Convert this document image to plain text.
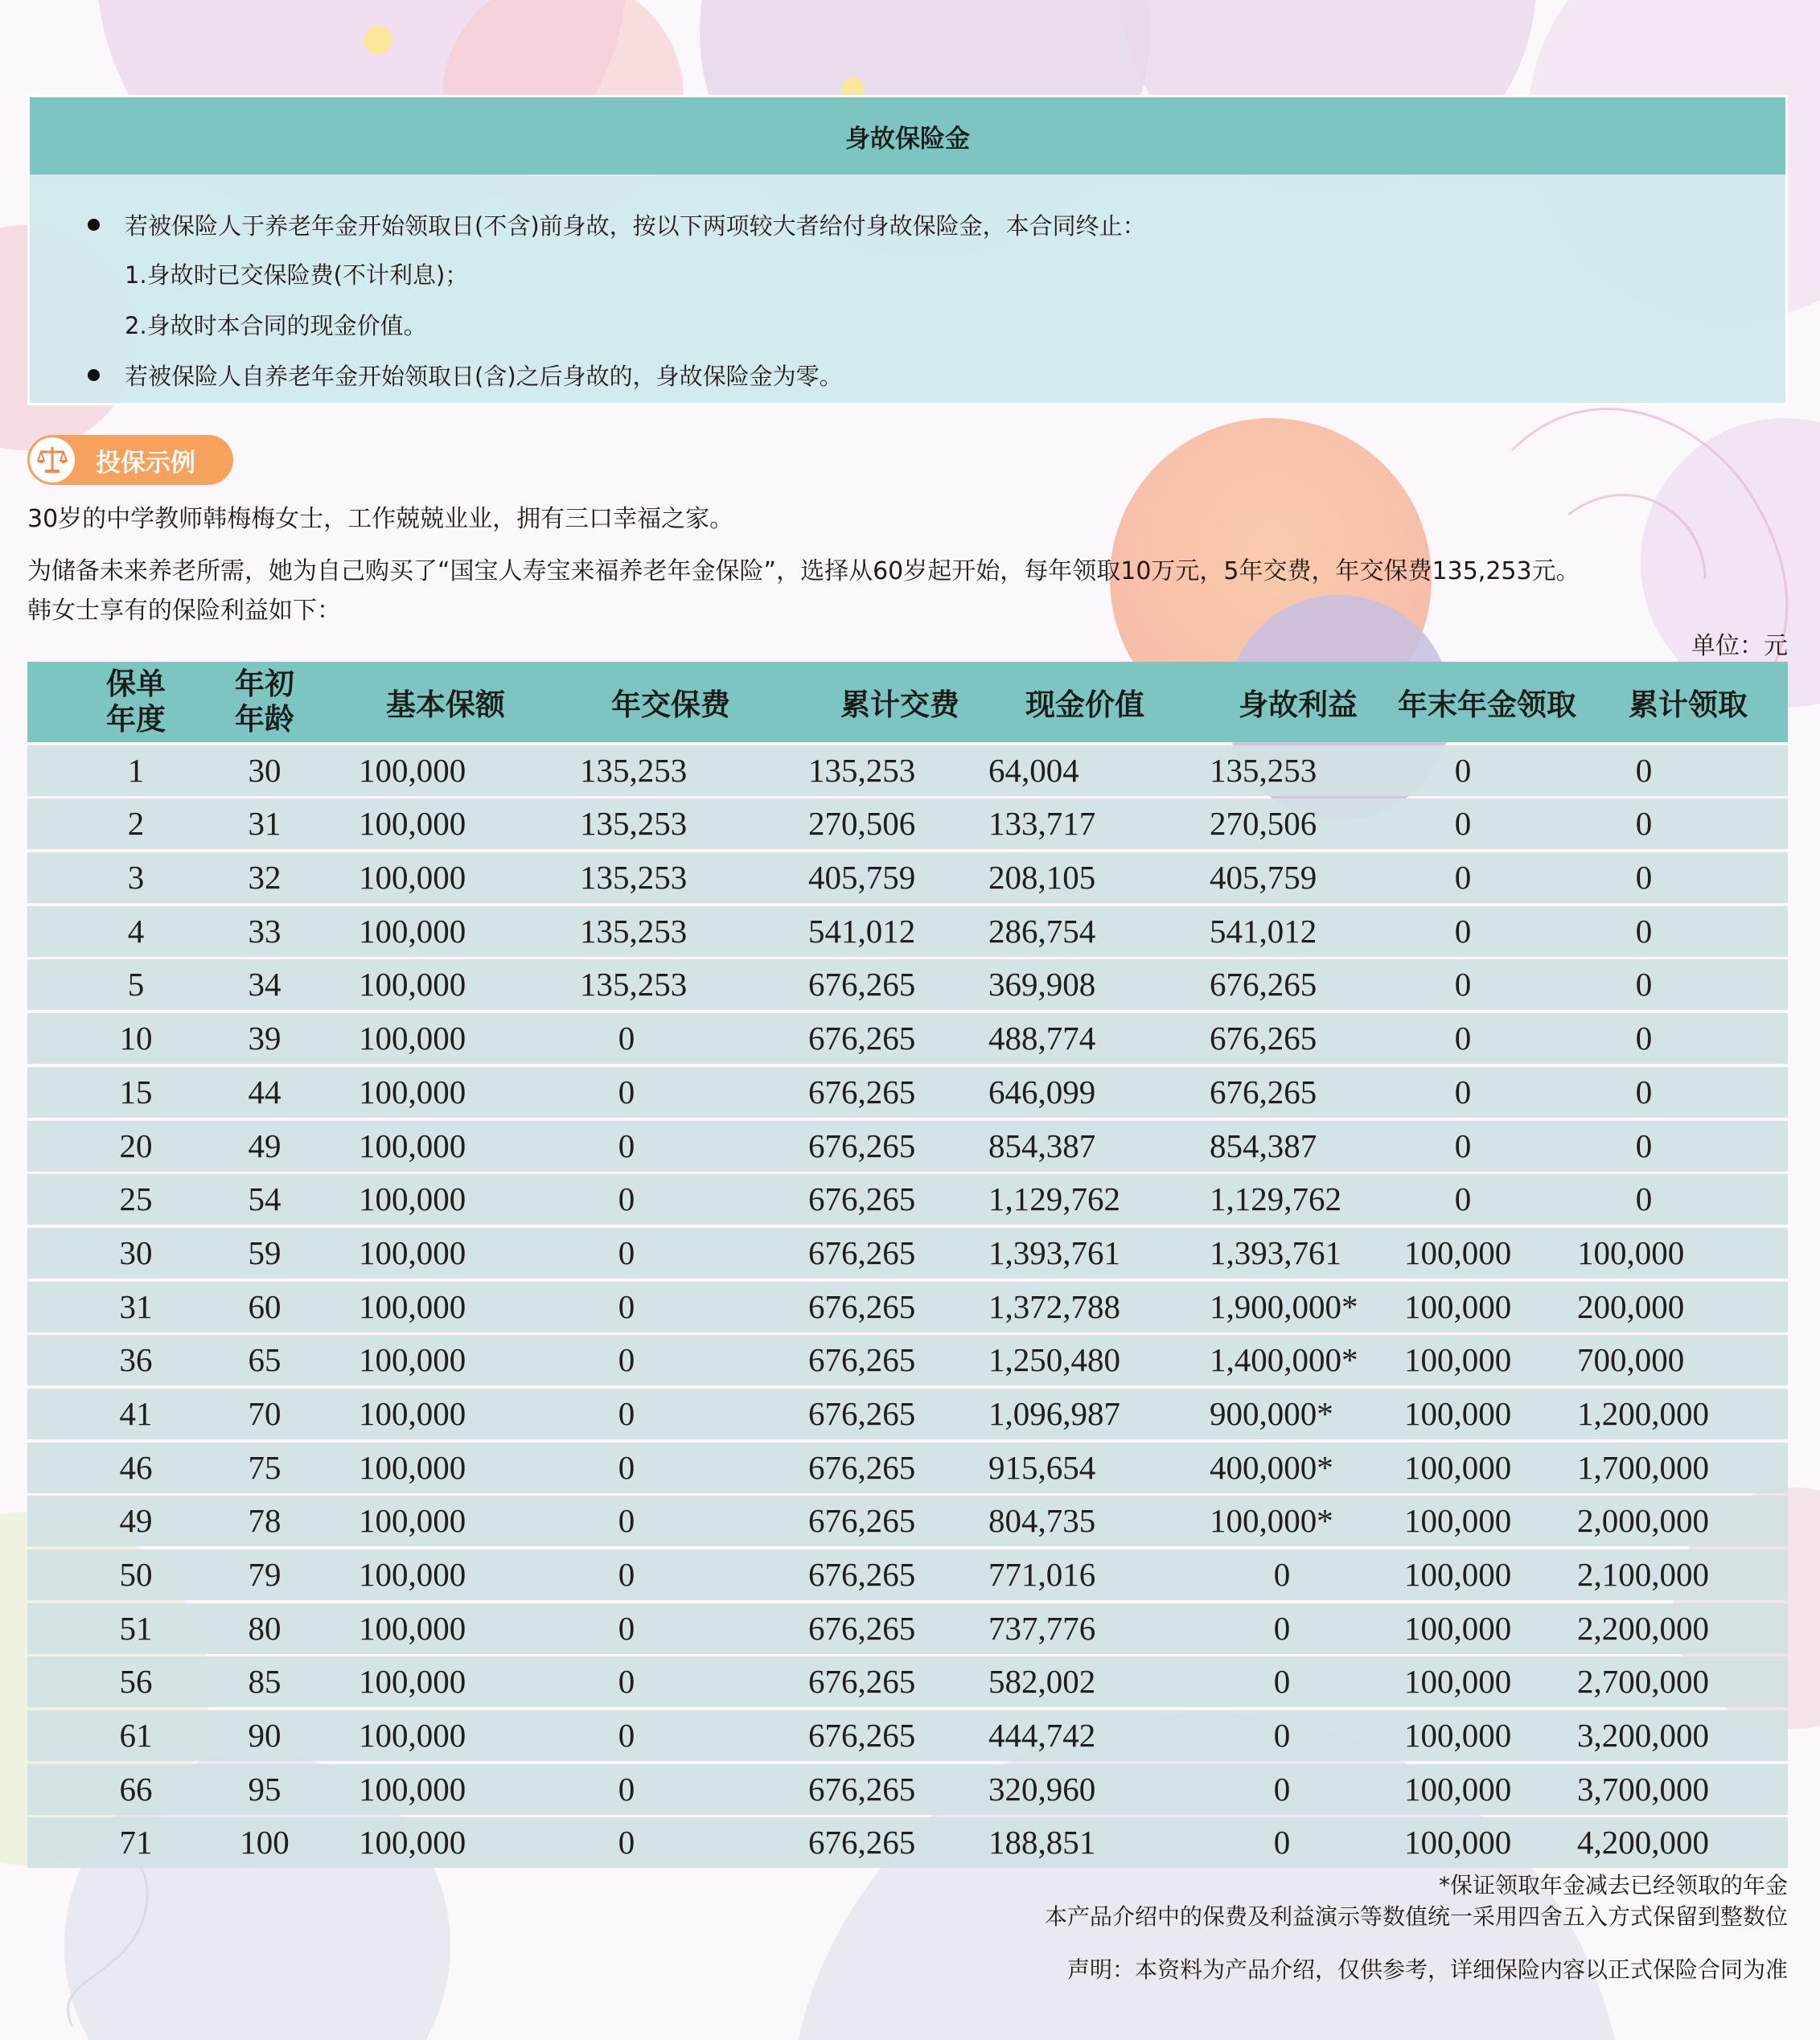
身故保险金
若被保险人于养老年金开始领取日(不含)前身故，按以下两项较大者给付身故保险金，本合同终止：
1.身故时已交保险费(不计利息)；
2.身故时本合同的现金价值。
若被保险人自养老年金开始领取日(含)之后身故的，身故保险金为零。
投保示例
30岁的中学教师韩梅梅女士，工作兢兢业业，拥有三口幸福之家。
为储备未来养老所需，她为自己购买了“国宝人寿宝来福养老年金保险”，选择从60岁起开始，每年领取10万元，5年交费，年交保费135,253元。
韩女士享有的保险利益如下：
单位：元
保单
年度
年初
年龄	基本保额	年交保费	累计交费	现金价值	身故利益	年末年金领取	累计领取
1	30	100,000	135,253	135,253 64,004	135,253	0	0
2	31	100,000	135,253	270,506 133,717	270,506	0	0
3	32	100,000	135,253	405,759 208,105	405,759	0	0
4	33	100,000	135,253	541,012 286,754	541,012	0	0
5	34	100,000	135,253	676,265 369,908	676,265	0	0
10	39	100,000	0	676,265 488,774	676,265	0	0
15	44	100,000	0	676,265 646,099	676,265	0	0
20	49	100,000	0	676,265 854,387	854,387	0	0
25	54	100,000	0	676,265 1,129,762	1,129,762	0	0
30	59	100,000	0	676,265 1,393,761	1,393,761 100,000 100,000
31	60	100,000	0	676,265 1,372,788	1,900,000* 100,000 200,000
36	65	100,000	0	676,265 1,250,480	1,400,000* 100,000 700,000
41	70	100,000	0	676,265 1,096,987	900,000* 100,000 1,200,000
46	75	100,000	0	676,265 915,654	400,000* 100,000 1,700,000
49	78	100,000	0	676,265 804,735	100,000* 100,000 2,000,000
50	79	100,000	0	676,265 771,016	0	100,000 2,100,000
51	80	100,000	0	676,265 737,776	0	100,000 2,200,000
56	85	100,000	0	676,265 582,002	0	100,000 2,700,000
61	90	100,000	0	676,265 444,742	0	100,000 3,200,000
66	95	100,000	0	676,265 320,960	0	100,000 3,700,000
71	100	100,000	0	676,265 188,851	0	100,000 4,200,000
*保证领取年金减去已经领取的年金
本产品介绍中的保费及利益演示等数值统一采用四舍五入方式保留到整数位
声明：本资料为产品介绍，仅供参考，详细保险内容以正式保险合同为准
